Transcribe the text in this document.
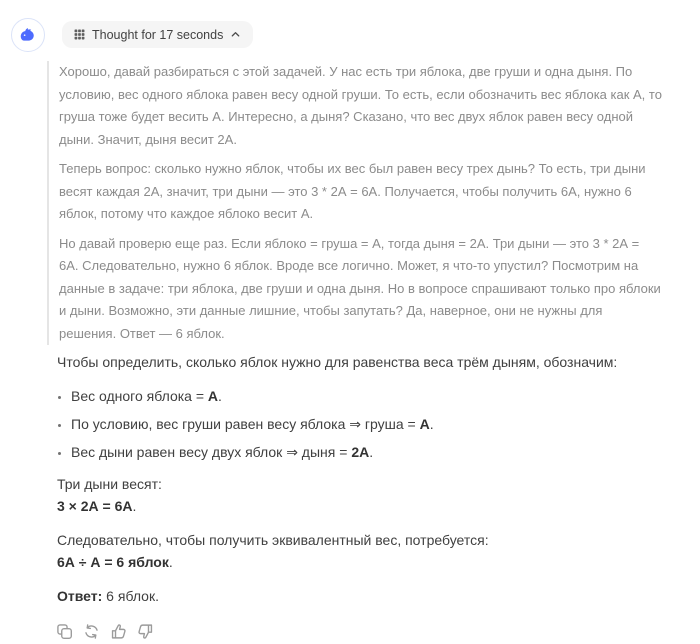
Thought for 17 seconds

Хорошо, давай разбираться с этой задачей. У нас есть три яблока, две груши и одна дыня. По условию, вес одного яблока равен весу одной груши. То есть, если обозначить вес яблока как А, то груша тоже будет весить А. Интересно, а дыня? Сказано, что вес двух яблок равен весу одной дыни. Значит, дыня весит 2А.

Теперь вопрос: сколько нужно яблок, чтобы их вес был равен весу трех дынь? То есть, три дыни весят каждая 2А, значит, три дыни — это 3 * 2А = 6А. Получается, чтобы получить 6А, нужно 6 яблок, потому что каждое яблоко весит А.

Но давай проверю еще раз. Если яблоко = груша = А, тогда дыня = 2А. Три дыни — это 3 * 2А = 6А. Следовательно, нужно 6 яблок. Вроде все логично. Может, я что-то упустил? Посмотрим на данные в задаче: три яблока, две груши и одна дыня. Но в вопросе спрашивают только про яблоки и дыни. Возможно, эти данные лишние, чтобы запутать? Да, наверное, они не нужны для решения. Ответ — 6 яблок.

Чтобы определить, сколько яблок нужно для равенства веса трём дыням, обозначим:

• Вес одного яблока = А.
• По условию, вес груши равен весу яблока ⇒ груша = А.
• Вес дыни равен весу двух яблок ⇒ дыня = 2А.

Три дыни весят:
3 × 2А = 6А.

Следовательно, чтобы получить эквивалентный вес, потребуется:
6А ÷ А = 6 яблок.

Ответ: 6 яблок.
